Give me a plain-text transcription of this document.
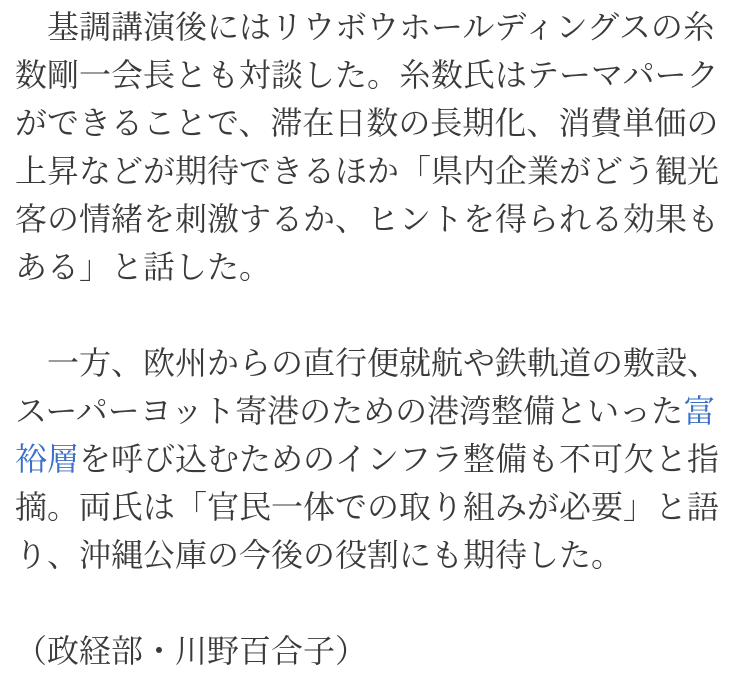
　基調講演後にはリウボウホールディングスの糸数剛一会長とも対談した。糸数氏はテーマパークができることで、滞在日数の長期化、消費単価の上昇などが期待できるほか「県内企業がどう観光客の情緒を刺激するか、ヒントを得られる効果もある」と話した。

　一方、欧州からの直行便就航や鉄軌道の敷設、スーパーヨット寄港のための港湾整備といった富裕層を呼び込むためのインフラ整備も不可欠と指摘。両氏は「官民一体での取り組みが必要」と語り、沖縄公庫の今後の役割にも期待した。

（政経部・川野百合子）
